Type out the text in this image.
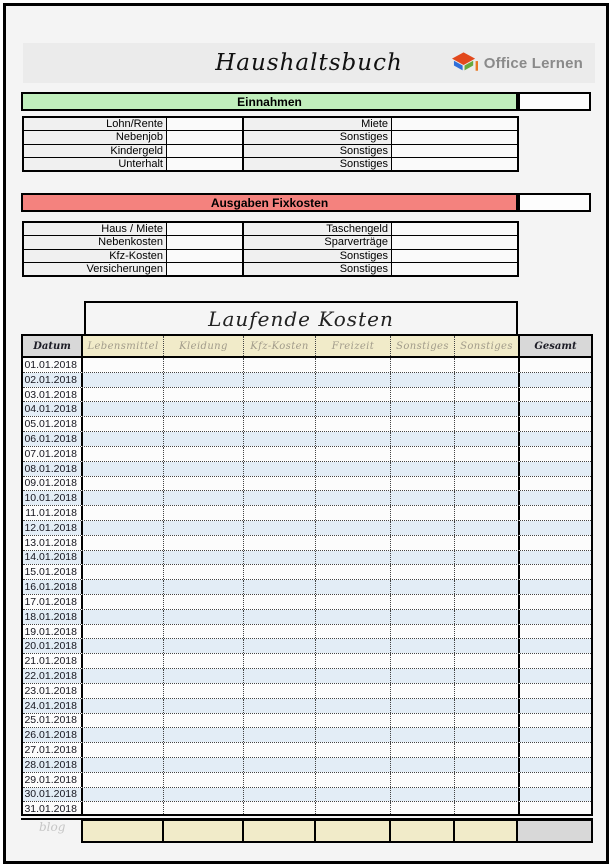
Haushaltsbuch	Office Lernen
Einnahmen
Lohn/Rente	Miete
Nebenjob	Sonstiges
Kindergeld	Sonstiges
Unterhalt	Sonstiges
Ausgaben Fixkosten
Haus / Miete	Taschengeld
Nebenkosten	Sparverträge
Kfz-Kosten	Sonstiges
Versicherungen	Sonstiges
Laufende Kosten
Datum	Lebensmittel	Kleidung	Kfz-Kosten	Freizeit	Sonstiges	Sonstiges	Gesamt
01.01.2018
02.01.2018
03.01.2018
04.01.2018
05.01.2018
06.01.2018
07.01.2018
08.01.2018
09.01.2018
10.01.2018
11.01.2018
12.01.2018
13.01.2018
14.01.2018
15.01.2018
16.01.2018
17.01.2018
18.01.2018
19.01.2018
20.01.2018
21.01.2018
22.01.2018
23.01.2018
24.01.2018
25.01.2018
26.01.2018
27.01.2018
28.01.2018
29.01.2018
30.01.2018
31.01.2018
blog
